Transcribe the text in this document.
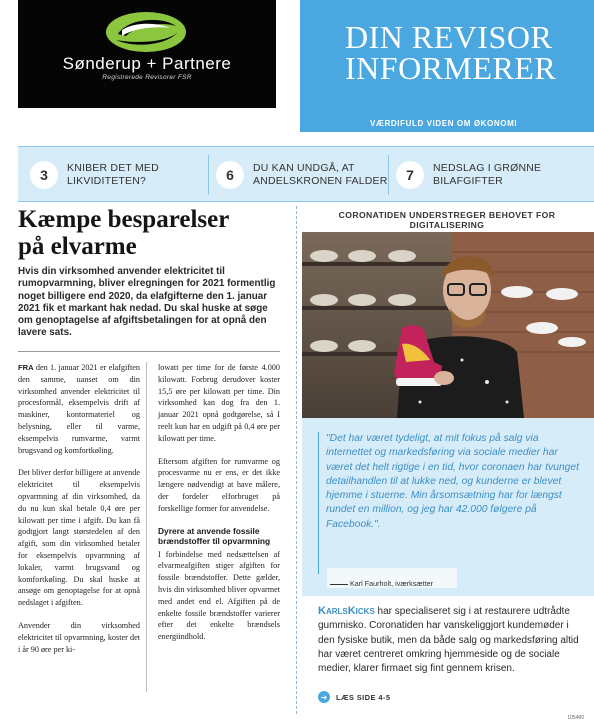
Sønderup + Partnere
Registrerede Revisorer FSR
DIN REVISOR
INFORMERER
VÆRDIFULD VIDEN OM ØKONOMI
3	KNIBER DET MED
LIKVIDITETEN?	6	DU KAN UNDGÅ, AT
ANDELSKRONEN FALDER	7	NEDSLAG I GRØNNE
BILAFGIFTER
Kæmpe besparelser
på elvarme
Hvis din virksomhed anvender elektricitet til rumopvarmning, bliver elregningen for 2021 formentlig noget billigere end 2020, da elafgifterne den 1. januar 2021 fik et markant hak nedad. Du skal huske at søge om genoptagelse af afgiftsbetalingen for at opnå den lavere sats.

FRA den 1. januar 2021 er elafgiften den samme, uanset om din virksomhed anvender elektricitet til procesformål, eksempelvis drift af maskiner, kontormateriel og belysning, eller til varme, eksempelvis rumvarme, varmt brugsvand og komfortkøling.

Det bliver derfor billigere at anvende elektricitet til eksempelvis opvarmning af din virksomhed, da du nu kun skal betale 0,4 øre per kilowatt per time i afgift. Du kan få godtgjort langt størstedelen af den afgift, som din virksomhed betaler for eksempelvis opvarmning af lokaler, varmt brugsvand og komfortkøling. Du skal huske at ansøge om genoptagelse for at opnå nedslaget i afgiften.

Anvender din virksomhed elektricitet til opvarmning, koster det i år 90 øre per ki-

lowatt per time for de første 4.000 kilowatt. Forbrug derudover koster 15,5 øre per kilowatt per time. Din virksomhed kan dog fra den 1. januar 2021 opnå godtgørelse, så I reelt kun har en udgift på 0,4 øre per kilowatt per time.

Eftersom afgiften for rumvarme og procesvarme nu er ens, er det ikke længere nødvendigt at have målere, der fordeler elforbruget på forskellige former for anvendelse.

Dyrere at anvende fossile brændstoffer til opvarmning

I forbindelse med nedsættelsen af elvarmeafgiften stiger afgiften for fossile brændstoffer. Dette gælder, hvis din virksomhed bliver opvarmet med andet end el. Afgiften på de enkelte fossile brændstoffer varierer efter det enkelte brændsels energiindhold.

CORONATIDEN UNDERSTREGER BEHOVET FOR DIGITALISERING
"Det har været tydeligt, at mit fokus på salg via internettet og markedsføring via sociale medier har været det helt rigtige i en tid, hvor coronaen har tvunget detailhandlen til at lukke ned, og kunderne er blevet hjemme i stuerne. Min årsomsætning har for længst rundet en million, og jeg har 42.000 følgere på Facebook.".
Karl Faurholt, iværksætter
KarlsKicks har specialiseret sig i at restaurere udtrådte gummisko. Coronatiden har vanskeliggjort kundemøder i den fysiske butik, men da både salg og markedsføring altid har været centreret omkring hjemmeside og de sociale medier, klarer firmaet sig fint gennem krisen.
➜	LÆS SIDE 4-5
105480
